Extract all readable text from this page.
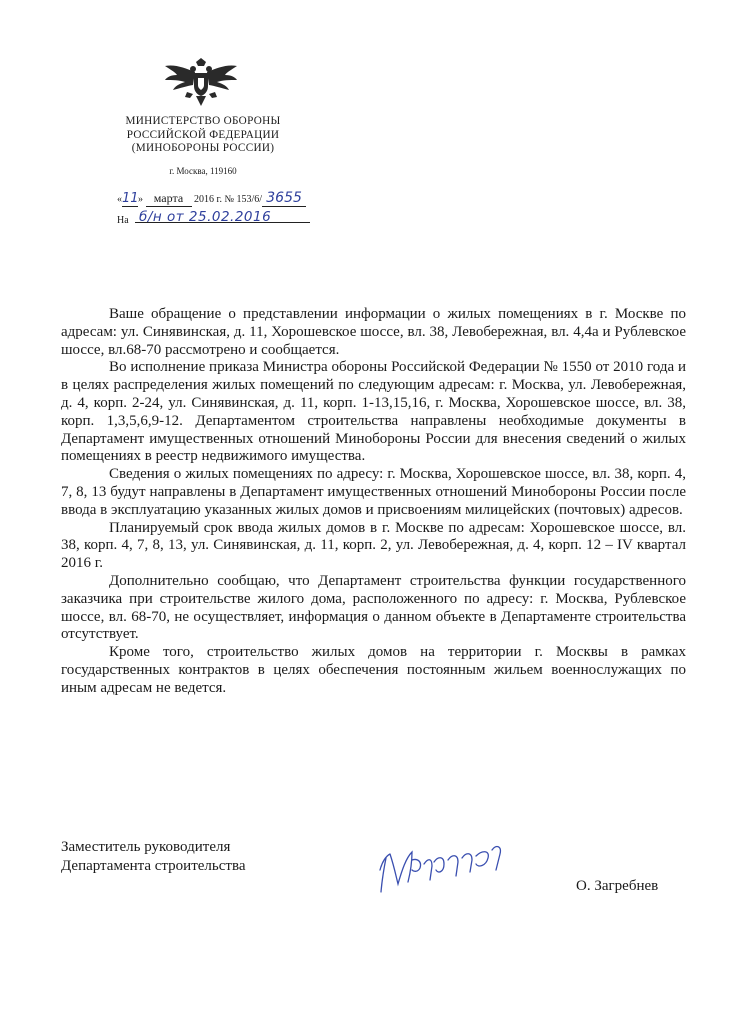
МИНИСТЕРСТВО ОБОРОНЫ
РОССИЙСКОЙ ФЕДЕРАЦИИ
(МИНОБОРОНЫ РОССИИ)
г. Москва, 119160
«11» марта 2016 г. № 153/6/ 3655
На б/н от 25.02.2016

Ваше обращение о представлении информации о жилых помещениях в г. Москве по адресам: ул. Синявинская, д. 11, Хорошевское шоссе, вл. 38, Левобережная, вл. 4,4а и Рублевское шоссе, вл.68-70 рассмотрено и сообщается.

Во исполнение приказа Министра обороны Российской Федерации № 1550 от 2010 года и в целях распределения жилых помещений по следующим адресам: г. Москва, ул. Левобережная, д. 4, корп. 2-24, ул. Синявинская, д. 11, корп. 1-13,15,16, г. Москва, Хорошевское шоссе, вл. 38, корп. 1,3,5,6,9-12. Департаментом строительства направлены необходимые документы в Департамент имущественных отношений Минобороны России для внесения сведений о жилых помещениях в реестр недвижимого имущества.

Сведения о жилых помещениях по адресу: г. Москва, Хорошевское шоссе, вл. 38, корп. 4, 7, 8, 13 будут направлены в Департамент имущественных отношений Минобороны России после ввода в эксплуатацию указанных жилых домов и присвоениям милицейских (почтовых) адресов.

Планируемый срок ввода жилых домов в г. Москве по адресам: Хорошевское шоссе, вл. 38, корп. 4, 7, 8, 13, ул. Синявинская, д. 11, корп. 2, ул. Левобережная, д. 4, корп. 12 – IV квартал 2016 г.

Дополнительно сообщаю, что Департамент строительства функции государственного заказчика при строительстве жилого дома, расположенного по адресу: г. Москва, Рублевское шоссе, вл. 68-70, не осуществляет, информация о данном объекте в Департаменте строительства отсутствует.

Кроме того, строительство жилых домов на территории г. Москвы в рамках государственных контрактов в целях обеспечения постоянным жильем военнослужащих по иным адресам не ведется.

Заместитель руководителя
Департамента строительства
О. Загребнев
